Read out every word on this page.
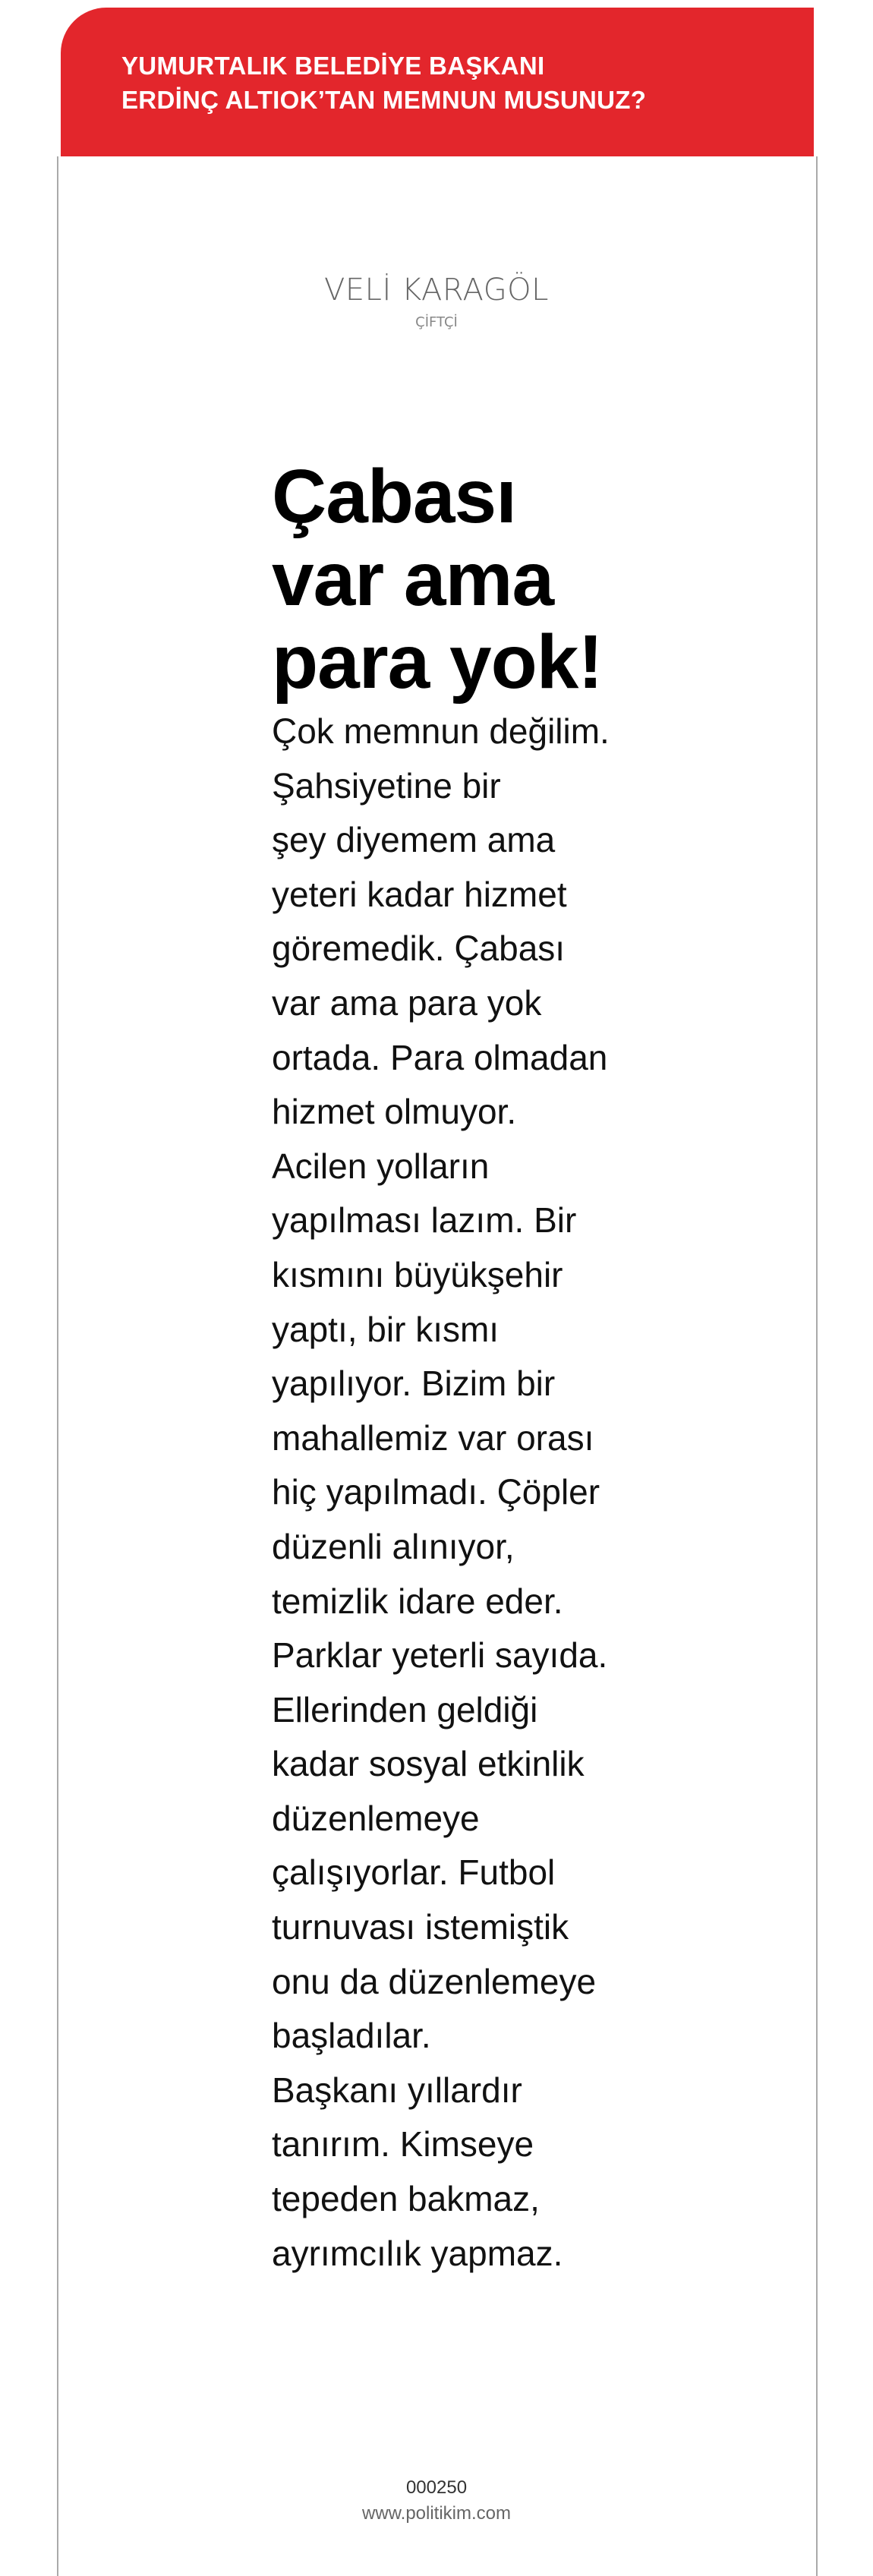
YUMURTALIK BELEDİYE BAŞKANI
ERDİNÇ ALTIOK’TAN MEMNUN MUSUNUZ?
VELİ KARAGÖL
ÇİFTÇİ
Çabası
var ama
para yok!
Çok memnun değilim.
Şahsiyetine bir
şey diyemem ama
yeteri kadar hizmet
göremedik. Çabası
var ama para yok
ortada. Para olmadan
hizmet olmuyor.
Acilen yolların
yapılması lazım. Bir
kısmını büyükşehir
yaptı, bir kısmı
yapılıyor. Bizim bir
mahallemiz var orası
hiç yapılmadı. Çöpler
düzenli alınıyor,
temizlik idare eder.
Parklar yeterli sayıda.
Ellerinden geldiği
kadar sosyal etkinlik
düzenlemeye
çalışıyorlar. Futbol
turnuvası istemiştik
onu da düzenlemeye
başladılar.
Başkanı yıllardır
tanırım. Kimseye
tepeden bakmaz,
ayrımcılık yapmaz.
000250
www.politikim.com
